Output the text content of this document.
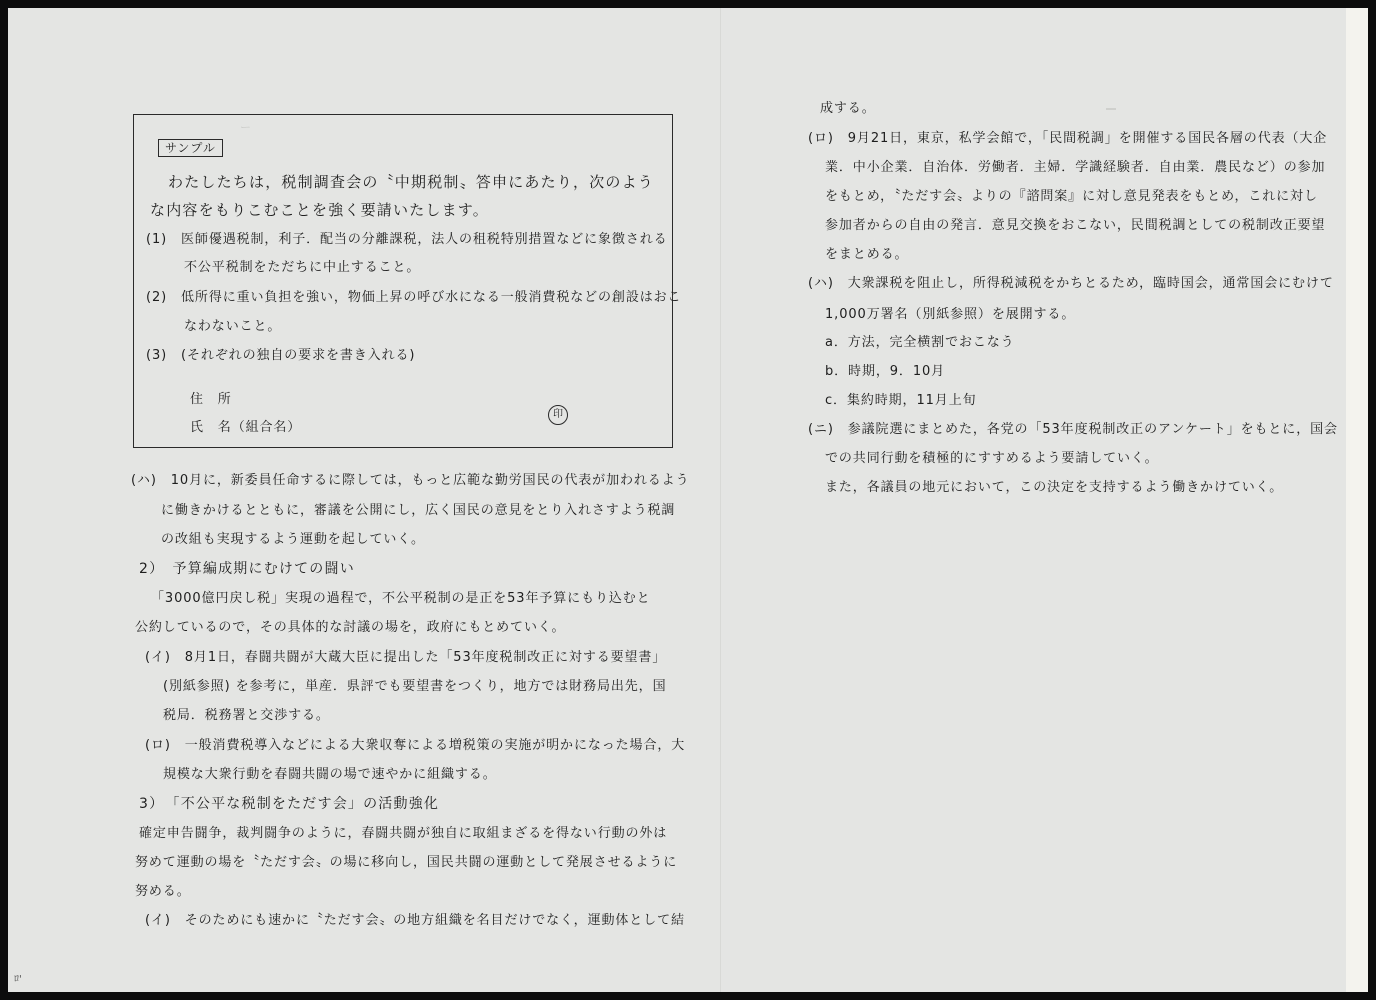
ー　　　　　　　　　　　　　　　　　　　　　　　
サンプル
わたしたちは，税制調査会の〝中期税制〟答申にあたり，次のよう
な内容をもりこむことを強く要請いたします。
(1)　医師優遇税制，利子．配当の分離課税，法人の租税特別措置などに象徴される
不公平税制をただちに中止すること。
(2)　低所得に重い負担を強い，物価上昇の呼び水になる一般消費税などの創設はおこ
なわないこと。
(3)　(それぞれの独自の要求を書き入れる)
住　所
氏　名（組合名）
印
(ハ)　10月に，新委員任命するに際しては，もっと広範な勤労国民の代表が加われるよう
に働きかけるとともに，審議を公開にし，広く国民の意見をとり入れさすよう税調
の改組も実現するよう運動を起していく。
2）　予算編成期にむけての闘い
「3000億円戻し税」実現の過程で，不公平税制の是正を53年予算にもり込むと
公約しているので，その具体的な討議の場を，政府にもとめていく。
(イ)　8月1日，春闘共闘が大蔵大臣に提出した「53年度税制改正に対する要望書」
(別紙参照) を参考に，単産．県評でも要望書をつくり，地方では財務局出先，国
税局．税務署と交渉する。
(ロ)　一般消費税導入などによる大衆収奪による増税策の実施が明かになった場合，大
規模な大衆行動を春闘共闘の場で速やかに組織する。
3）　「不公平な税制をただす会」の活動強化
確定申告闘争，裁判闘争のように，春闘共闘が独自に取組まざるを得ない行動の外は
努めて運動の場を〝ただす会〟の場に移向し，国民共闘の運動として発展させるように
努める。
(イ)　そのためにも速かに〝ただす会〟の地方組織を名目だけでなく，運動体として結
成する。
(ロ)　9月21日，東京，私学会館で，「民間税調」を開催する国民各層の代表（大企
業．中小企業．自治体．労働者．主婦．学識経験者．自由業．農民など）の参加
をもとめ，〝ただす会〟よりの『諮問案』に対し意見発表をもとめ，これに対し
参加者からの自由の発言．意見交換をおこない，民間税調としての税制改正要望
をまとめる。
(ハ)　大衆課税を阻止し，所得税減税をかちとるため，臨時国会，通常国会にむけて
1,000万署名（別紙参照）を展開する。
a．方法，完全横割でおこなう
b．時期，9．10月
c．集約時期，11月上旬
(ニ)　参議院選にまとめた，各党の「53年度税制改正のアンケート」をもとに，国会
での共同行動を積極的にすすめるよう要請していく。
また，各議員の地元において，この決定を支持するよう働きかけていく。
ﾛ'
